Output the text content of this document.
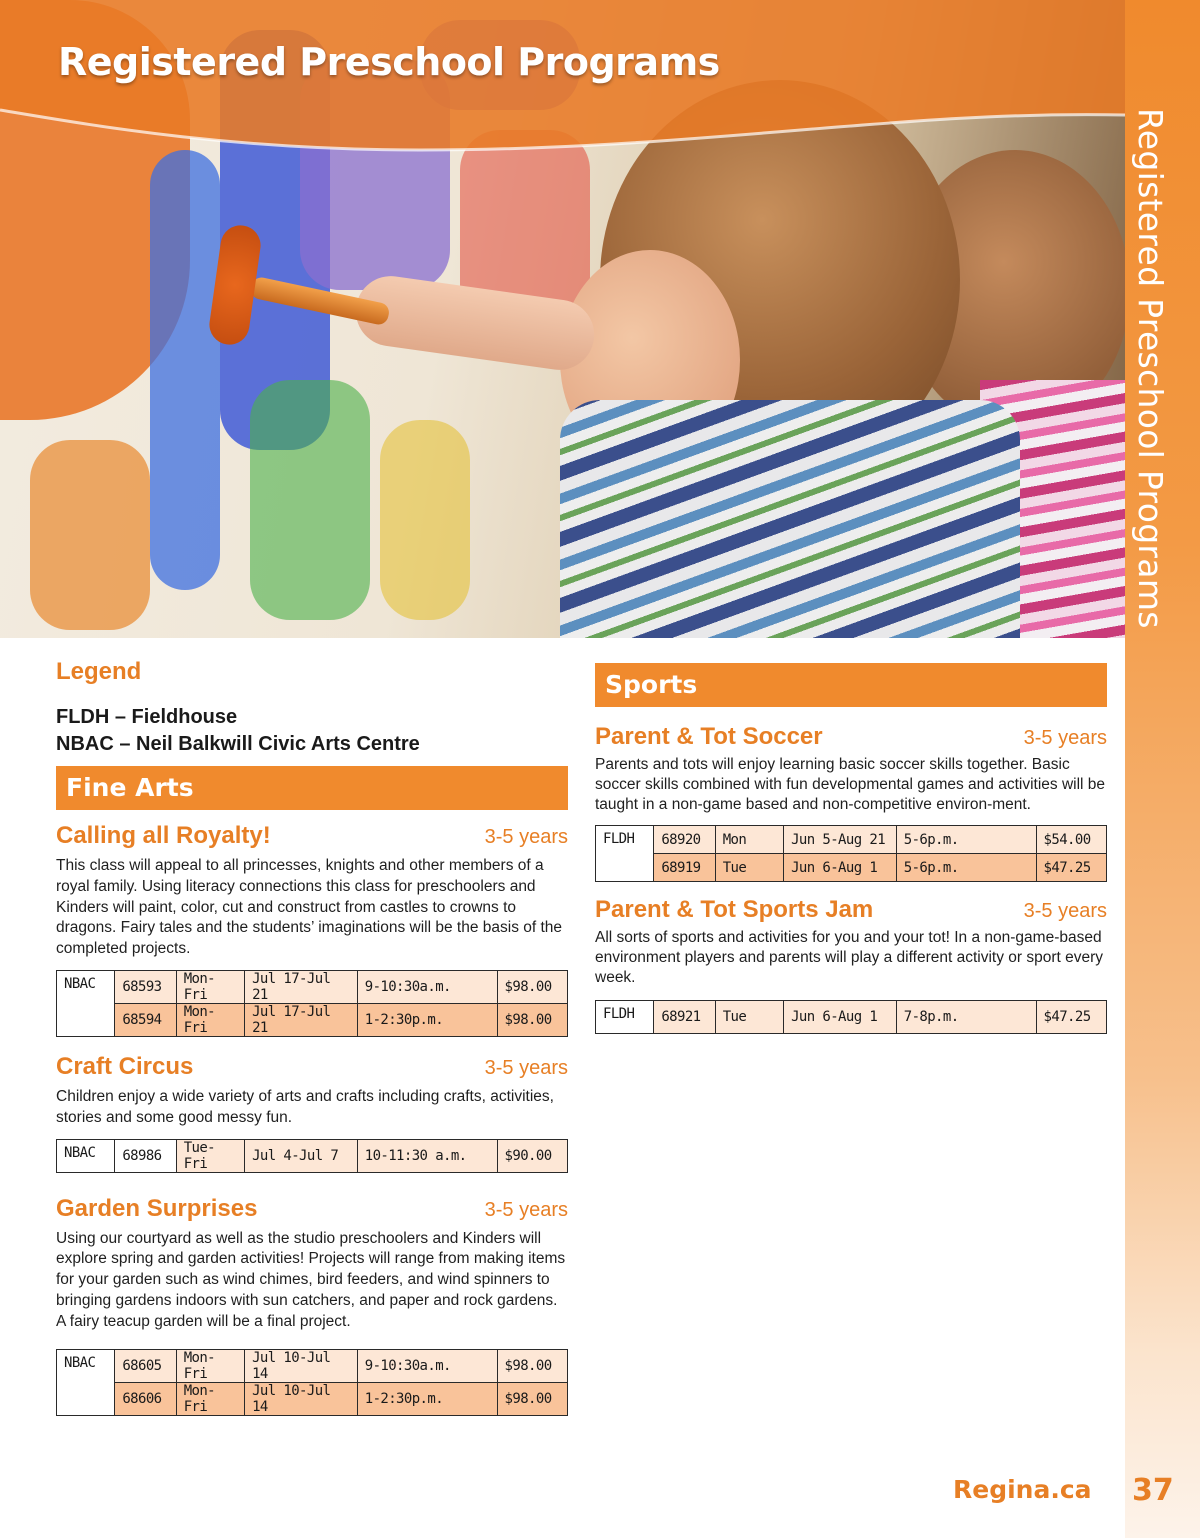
Registered Preschool Programs
Registered Preschool Programs
Regina.ca 37
Legend

FLDH – Fieldhouse

NBAC – Neil Balkwill Civic Arts Centre

Fine Arts
Calling all Royalty!	3-5 years

This class will appeal to all princesses, knights and other members of a royal family. Using literacy connections this class for preschoolers and Kinders will paint, color, cut and construct from castles to crowns to dragons. Fairy tales and the students’ imaginations will be the basis of the completed projects.

NBAC	68593	Mon-Fri	Jul 17-Jul 21	9-10:30a.m.	$98.00
	68594	Mon-Fri	Jul 17-Jul 21	1-2:30p.m.	$98.00
Craft Circus	3-5 years

Children enjoy a wide variety of arts and crafts including crafts, activities, stories and some good messy fun.

NBAC	68986	Tue-Fri	Jul 4-Jul 7	10-11:30 a.m.	$90.00
Garden Surprises	3-5 years

Using our courtyard as well as the studio preschoolers and Kinders will explore spring and garden activities! Projects will range from making items for your garden such as wind chimes, bird feeders, and wind spinners to bringing gardens indoors with sun catchers, and paper and rock gardens. A fairy teacup garden will be a final project.

NBAC	68605	Mon-Fri	Jul 10-Jul 14	9-10:30a.m.	$98.00
	68606	Mon-Fri	Jul 10-Jul 14	1-2:30p.m.	$98.00
Sports
Parent & Tot Soccer	3-5 years

Parents and tots will enjoy learning basic soccer skills together. Basic soccer skills combined with fun developmental games and activities will be taught in a non-game based and non-competitive environ-ment.

FLDH	68920	Mon	Jun 5-Aug 21	5-6p.m.	$54.00
	68919	Tue	Jun 6-Aug 1	5-6p.m.	$47.25
Parent & Tot Sports Jam	3-5 years

All sorts of sports and activities for you and your tot! In a non-game-based environment players and parents will play a different activity or sport every week.

FLDH	68921	Tue	Jun 6-Aug 1	7-8p.m.	$47.25
